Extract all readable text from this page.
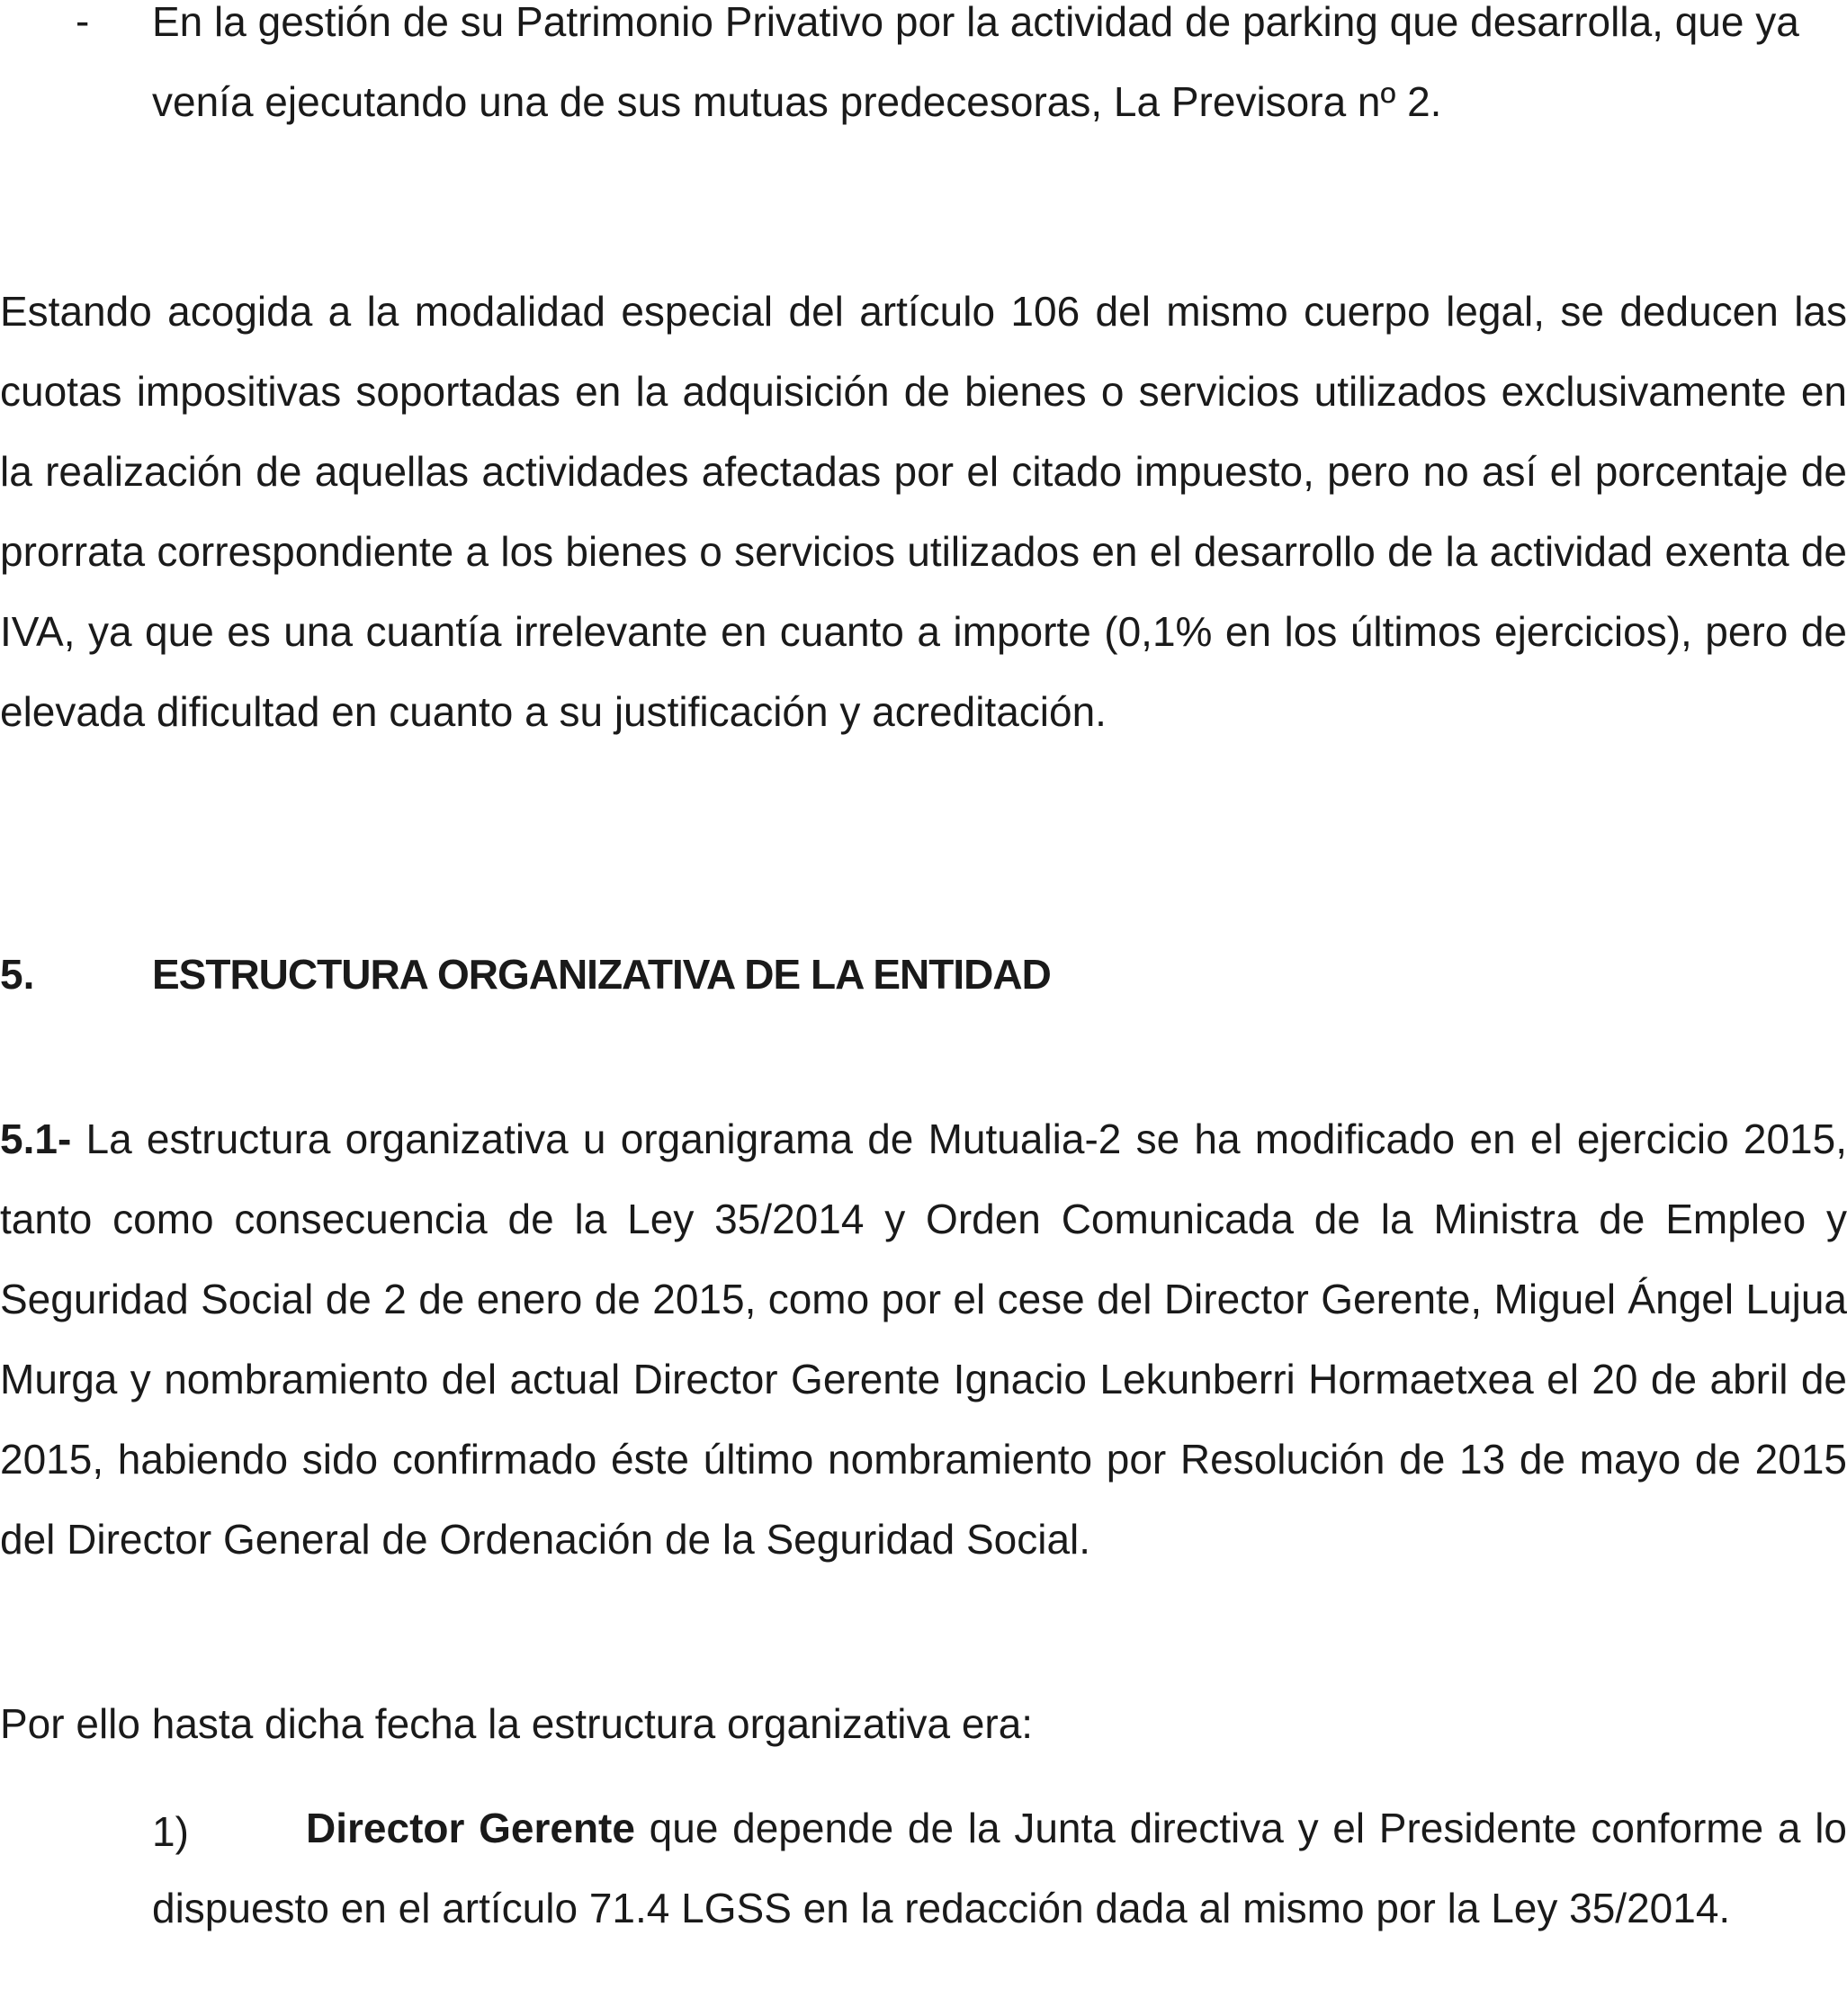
- En la gestión de su Patrimonio Privativo por la actividad de parking que desarrolla, que ya venía ejecutando una de sus mutuas predecesoras, La Previsora nº 2.
Estando acogida a la modalidad especial del artículo 106 del mismo cuerpo legal, se deducen las cuotas impositivas soportadas en la adquisición de bienes o servicios utilizados exclusivamente en la realización de aquellas actividades afectadas por el citado impuesto, pero no así el porcentaje de prorrata correspondiente a los bienes o servicios utilizados en el desarrollo de la actividad exenta de IVA, ya que es una cuantía irrelevante en cuanto a importe (0,1% en los últimos ejercicios), pero de elevada dificultad en cuanto a su justificación y acreditación.
5.	ESTRUCTURA ORGANIZATIVA DE LA ENTIDAD
5.1- La estructura organizativa u organigrama de Mutualia-2 se ha modificado en el ejercicio 2015, tanto como consecuencia de la Ley 35/2014 y Orden Comunicada de la Ministra de Empleo y Seguridad Social de 2 de enero de 2015, como por el cese del Director Gerente, Miguel Ángel Lujua Murga y nombramiento del actual Director Gerente Ignacio Lekunberri Hormaetxea el 20 de abril de 2015, habiendo sido confirmado éste último nombramiento por Resolución de 13 de mayo de 2015 del Director General de Ordenación de la Seguridad Social.
Por ello hasta dicha fecha la estructura organizativa era:
1)	Director Gerente que depende de la Junta directiva y el Presidente conforme a lo dispuesto en el artículo 71.4 LGSS en la redacción dada al mismo por la Ley 35/2014.
